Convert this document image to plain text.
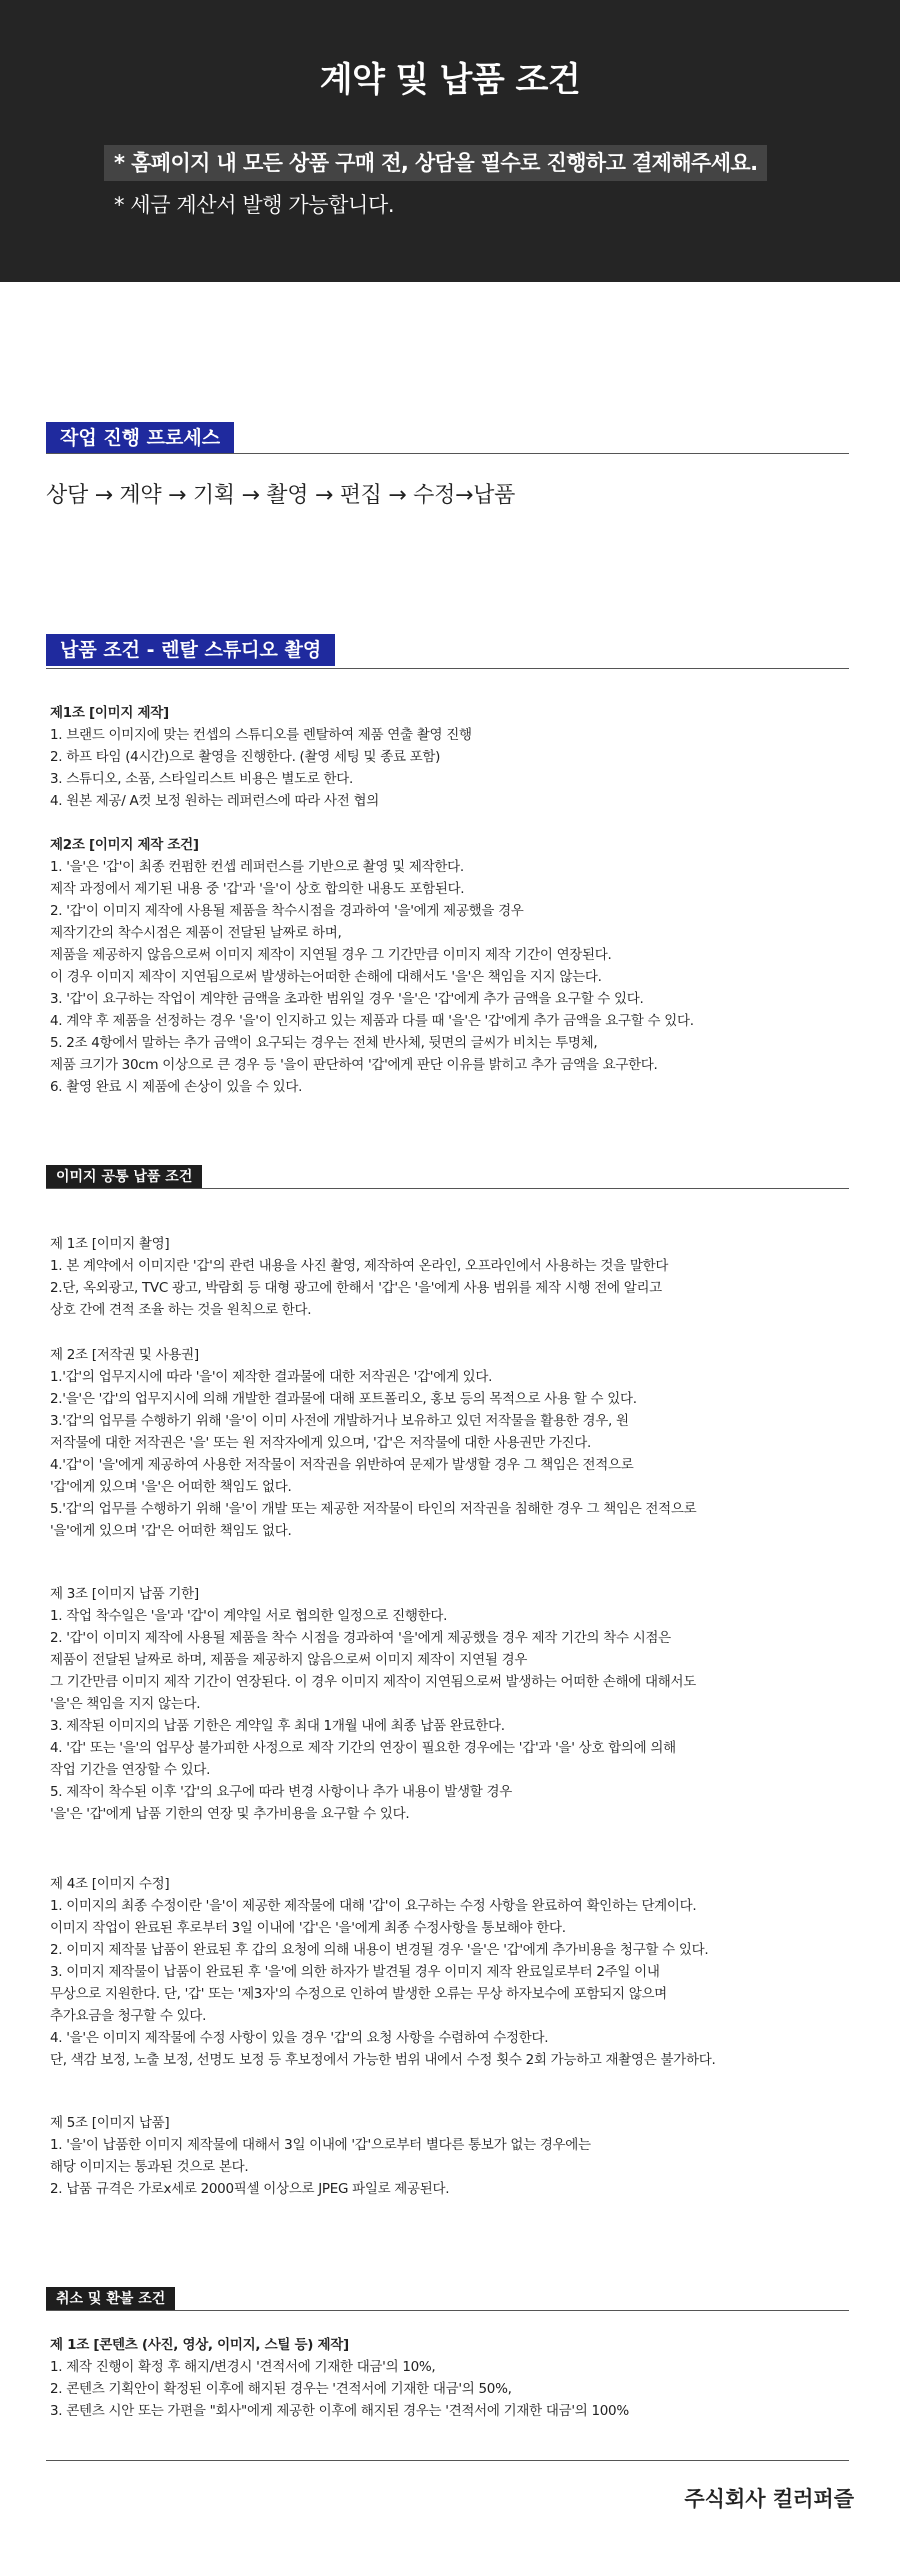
계약 및 납품 조건
* 홈페이지 내 모든 상품 구매 전, 상담을 필수로 진행하고 결제해주세요.
* 세금 계산서 발행 가능합니다.
작업 진행 프로세스
상담 → 계약 → 기획 → 촬영 → 편집 → 수정→납품
납품 조건 - 렌탈 스튜디오 촬영
제1조 [이미지 제작]
1. 브랜드 이미지에 맞는 컨셉의 스튜디오를 렌탈하여 제품 연출 촬영 진행
2. 하프 타임 (4시간)으로 촬영을 진행한다. (촬영 세팅 및 종료 포함)
3. 스튜디오, 소품, 스타일리스트 비용은 별도로 한다.
4. 원본 제공/ A컷 보정 원하는 레퍼런스에 따라 사전 협의
제2조 [이미지 제작 조건]
1. '을'은 '갑'이 최종 컨펌한 컨셉 레퍼런스를 기반으로 촬영 및 제작한다.
제작 과정에서 제기된 내용 중 '갑'과 '을'이 상호 합의한 내용도 포함된다.
2. '갑'이 이미지 제작에 사용될 제품을 착수시점을 경과하여 '을'에게 제공했을 경우
제작기간의 착수시점은 제품이 전달된 날짜로 하며,
제품을 제공하지 않음으로써 이미지 제작이 지연될 경우 그 기간만큼 이미지 제작 기간이 연장된다.
이 경우 이미지 제작이 지연됨으로써 발생하는어떠한 손해에 대해서도 '을'은 책임을 지지 않는다.
3. '갑'이 요구하는 작업이 계약한 금액을 초과한 범위일 경우 '을'은 '갑'에게 추가 금액을 요구할 수 있다.
4. 계약 후 제품을 선정하는 경우 '을'이 인지하고 있는 제품과 다를 때 '을'은 '갑'에게 추가 금액을 요구할 수 있다.
5. 2조 4항에서 말하는 추가 금액이 요구되는 경우는 전체 반사체, 뒷면의 글씨가 비치는 투명체,
제품 크기가 30cm 이상으로 큰 경우 등 '을이 판단하여 '갑'에게 판단 이유를 밝히고 추가 금액을 요구한다.
6. 촬영 완료 시 제품에 손상이 있을 수 있다.
이미지 공통 납품 조건
제 1조 [이미지 촬영]
1. 본 계약에서 이미지란 '갑'의 관련 내용을 사진 촬영, 제작하여 온라인, 오프라인에서 사용하는 것을 말한다
2.단, 옥외광고, TVC 광고, 박람회 등 대형 광고에 한해서 '갑'은 '을'에게 사용 범위를 제작 시행 전에 알리고
상호 간에 견적 조율 하는 것을 원칙으로 한다.
제 2조 [저작권 및 사용권]
1.'갑'의 업무지시에 따라 '을'이 제작한 결과물에 대한 저작권은 '갑'에게 있다.
2.'을'은 '갑'의 업무지시에 의해 개발한 결과물에 대해 포트폴리오, 홍보 등의 목적으로 사용 할 수 있다.
3.'갑'의 업무를 수행하기 위해 '을'이 이미 사전에 개발하거나 보유하고 있던 저작물을 활용한 경우, 원
저작물에 대한 저작권은 '을' 또는 원 저작자에게 있으며, '갑'은 저작물에 대한 사용권만 가진다.
4.'갑'이 '을'에게 제공하여 사용한 저작물이 저작권을 위반하여 문제가 발생할 경우 그 책임은 전적으로
'갑'에게 있으며 '을'은 어떠한 책임도 없다.
5.'갑'의 업무를 수행하기 위해 '을'이 개발 또는 제공한 저작물이 타인의 저작권을 침해한 경우 그 책임은 전적으로
'을'에게 있으며 '갑'은 어떠한 책임도 없다.
제 3조 [이미지 납품 기한]
1. 작업 착수일은 '을'과 '갑'이 계약일 서로 협의한 일정으로 진행한다.
2. '갑'이 이미지 제작에 사용될 제품을 착수 시점을 경과하여 '을'에게 제공했을 경우 제작 기간의 착수 시점은
제품이 전달된 날짜로 하며, 제품을 제공하지 않음으로써 이미지 제작이 지연될 경우
그 기간만큼 이미지 제작 기간이 연장된다. 이 경우 이미지 제작이 지연됨으로써 발생하는 어떠한 손해에 대해서도
'을'은 책임을 지지 않는다.
3. 제작된 이미지의 납품 기한은 계약일 후 최대 1개월 내에 최종 납품 완료한다.
4. '갑' 또는 '을'의 업무상 불가피한 사정으로 제작 기간의 연장이 필요한 경우에는 '갑'과 '을' 상호 합의에 의해
작업 기간을 연장할 수 있다.
5. 제작이 착수된 이후 '갑'의 요구에 따라 변경 사항이나 추가 내용이 발생할 경우
'을'은 '갑'에게 납품 기한의 연장 및 추가비용을 요구할 수 있다.
제 4조 [이미지 수정]
1. 이미지의 최종 수정이란 '을'이 제공한 제작물에 대해 '갑'이 요구하는 수정 사항을 완료하여 확인하는 단계이다.
이미지 작업이 완료된 후로부터 3일 이내에 '갑'은 '을'에게 최종 수정사항을 통보해야 한다.
2. 이미지 제작물 납품이 완료된 후 갑의 요청에 의해 내용이 변경될 경우 '을'은 '갑'에게 추가비용을 청구할 수 있다.
3. 이미지 제작물이 납품이 완료된 후 '을'에 의한 하자가 발견될 경우 이미지 제작 완료일로부터 2주일 이내
무상으로 지원한다. 단, '갑' 또는 '제3자'의 수정으로 인하여 발생한 오류는 무상 하자보수에 포함되지 않으며
추가요금을 청구할 수 있다.
4. '을'은 이미지 제작물에 수정 사항이 있을 경우 '갑'의 요청 사항을 수렴하여 수정한다.
단, 색감 보정, 노출 보정, 선명도 보정 등 후보정에서 가능한 범위 내에서 수정 횟수 2회 가능하고 재촬영은 불가하다.
제 5조 [이미지 납품]
1. '을'이 납품한 이미지 제작물에 대해서 3일 이내에 '갑'으로부터 별다른 통보가 없는 경우에는
해당 이미지는 통과된 것으로 본다.
2. 납품 규격은 가로x세로 2000픽셀 이상으로 JPEG 파일로 제공된다.
취소 및 환불 조건
제 1조 [콘텐츠 (사진, 영상, 이미지, 스틸 등) 제작]
1. 제작 진행이 확정 후 해지/변경시 '견적서에 기재한 대금'의 10%,
2. 콘텐츠 기획안이 확정된 이후에 해지된 경우는 '견적서에 기재한 대금'의 50%,
3. 콘텐츠 시안 또는 가편을 "회사"에게 제공한 이후에 해지된 경우는 '견적서에 기재한 대금'의 100%
주식회사 컬러퍼즐
